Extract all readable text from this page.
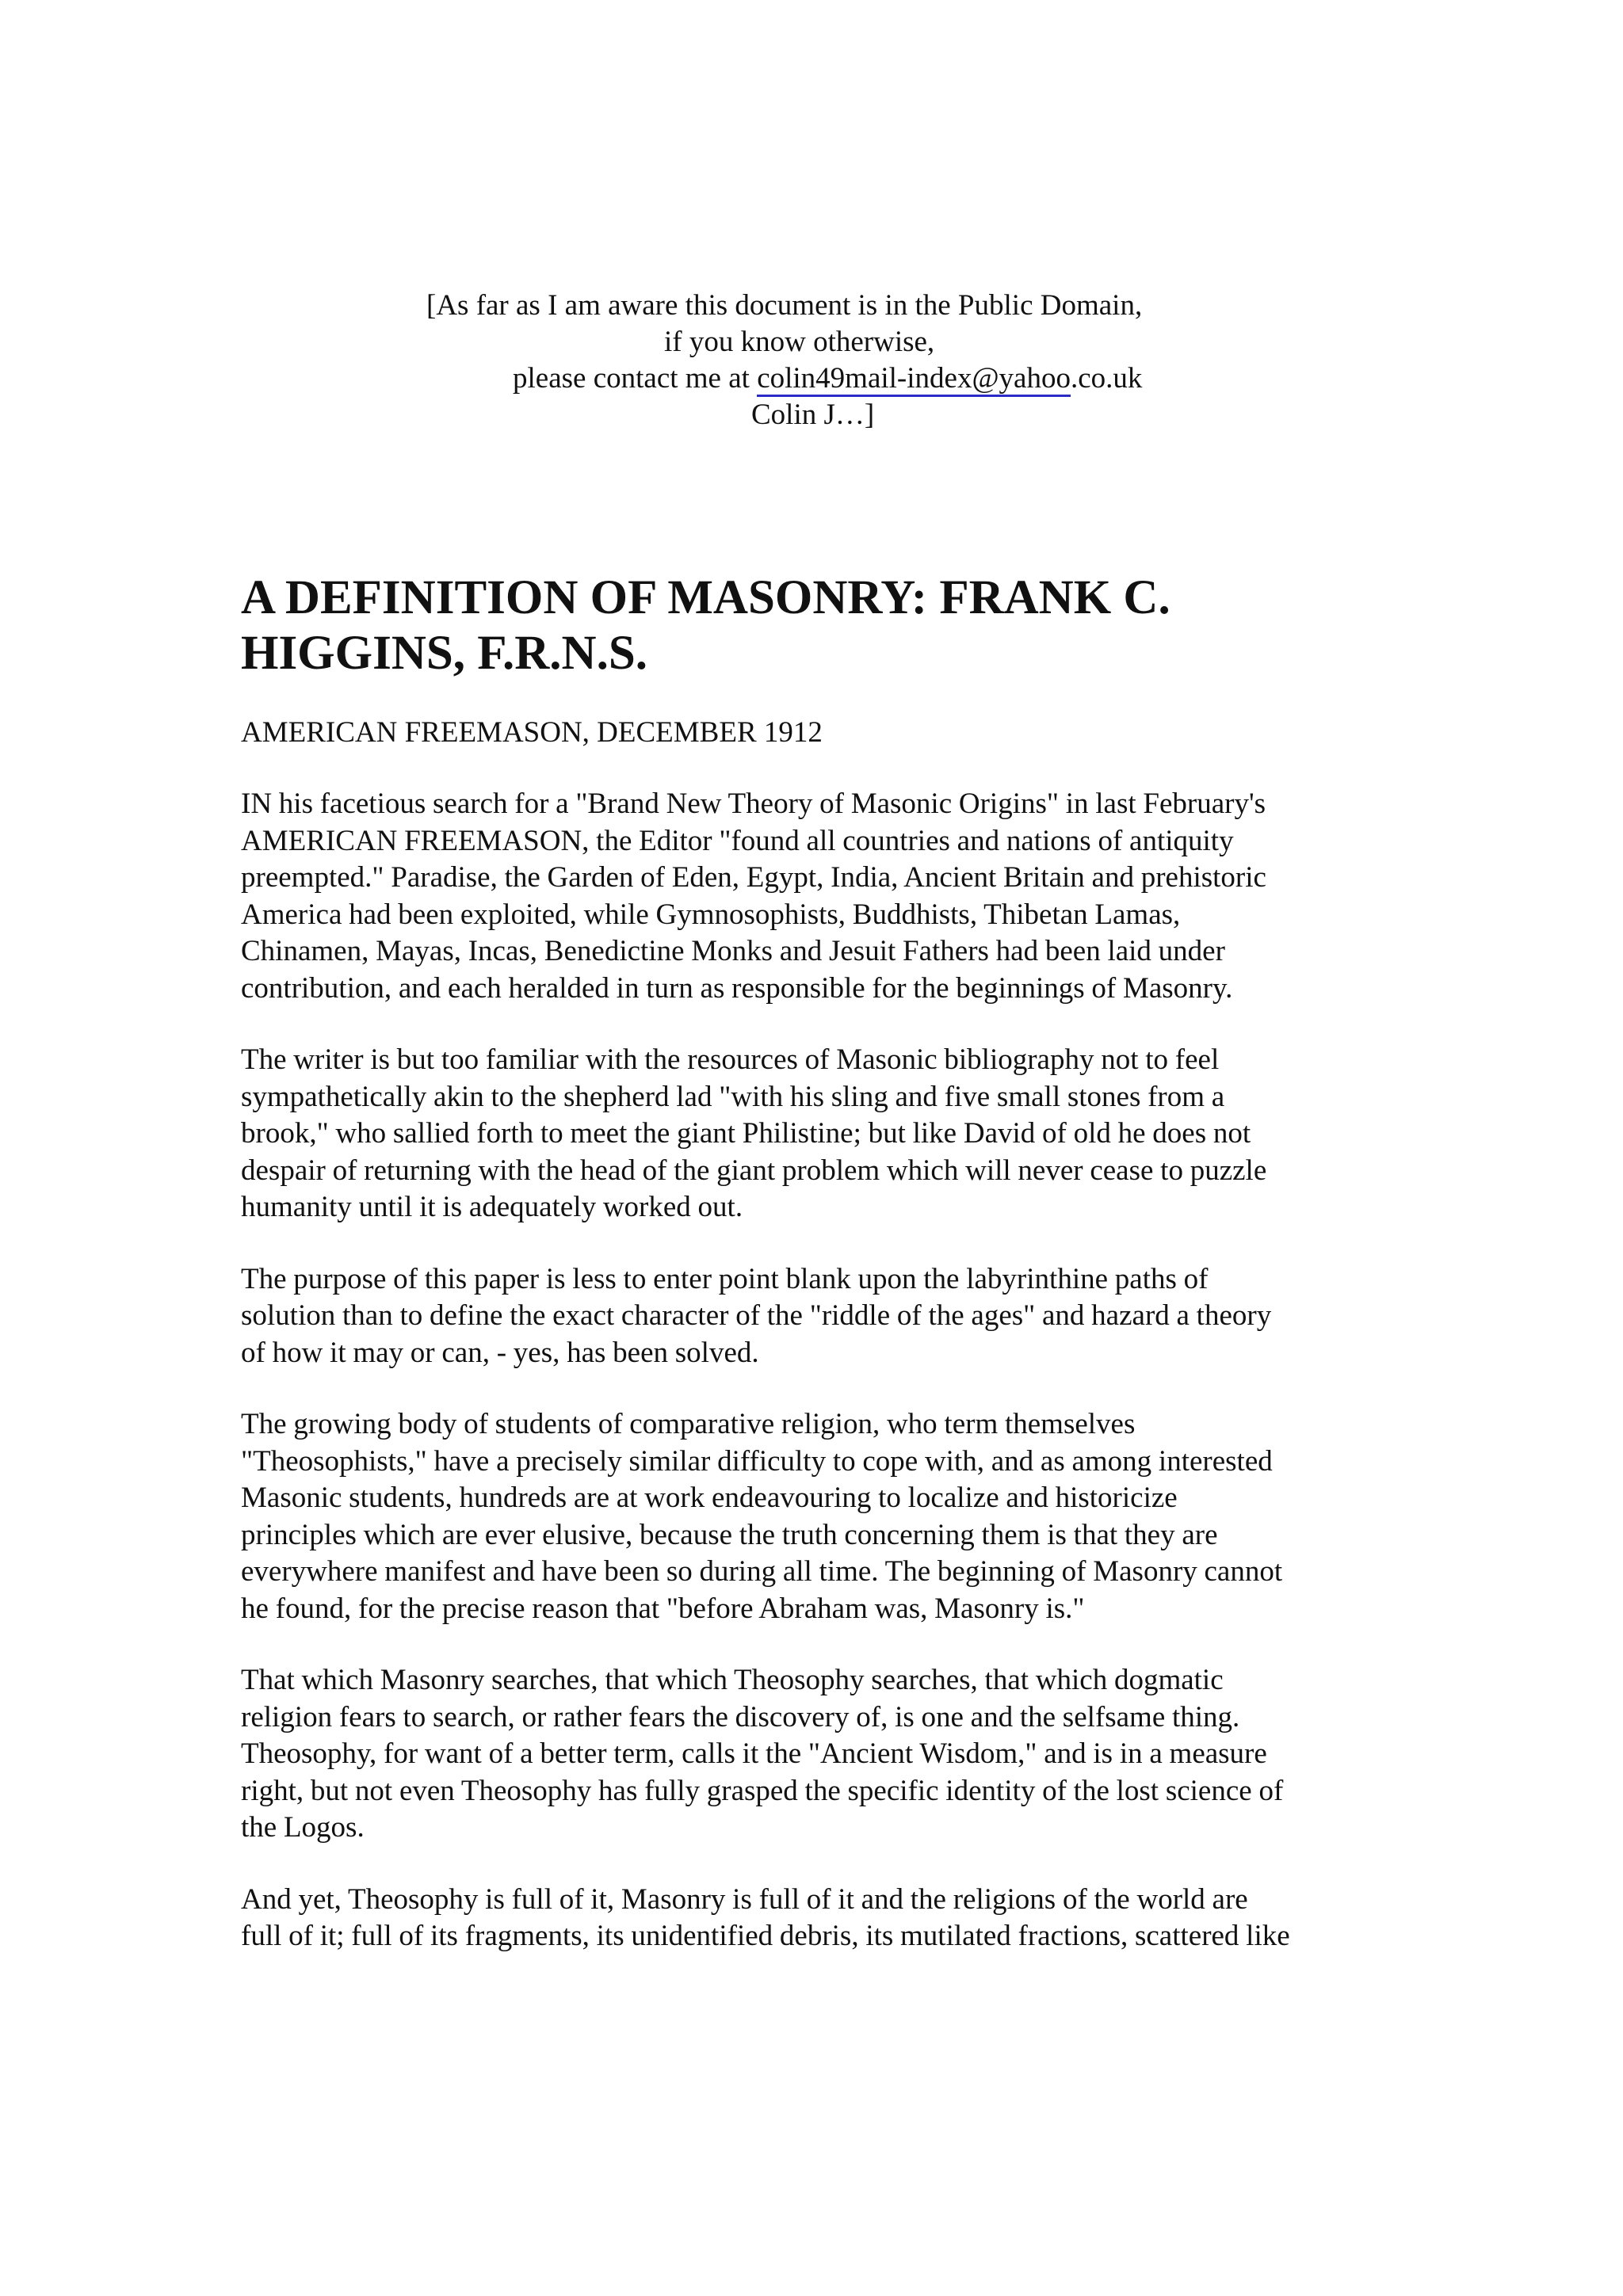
[As far as I am aware this document is in the Public Domain,
if you know otherwise,
please contact me at colin49mail-index@yahoo.co.uk
Colin J…]
A DEFINITION OF MASONRY: FRANK C.
HIGGINS, F.R.N.S.

AMERICAN FREEMASON, DECEMBER 1912

IN his facetious search for a "Brand New Theory of Masonic Origins" in last February's
AMERICAN FREEMASON, the Editor "found all countries and nations of antiquity
preempted." Paradise, the Garden of Eden, Egypt, India, Ancient Britain and prehistoric
America had been exploited, while Gymnosophists, Buddhists, Thibetan Lamas,
Chinamen, Mayas, Incas, Benedictine Monks and Jesuit Fathers had been laid under
contribution, and each heralded in turn as responsible for the beginnings of Masonry.

The writer is but too familiar with the resources of Masonic bibliography not to feel
sympathetically akin to the shepherd lad "with his sling and five small stones from a
brook," who sallied forth to meet the giant Philistine; but like David of old he does not
despair of returning with the head of the giant problem which will never cease to puzzle
humanity until it is adequately worked out.

The purpose of this paper is less to enter point blank upon the labyrinthine paths of
solution than to define the exact character of the "riddle of the ages" and hazard a theory
of how it may or can, - yes, has been solved.

The growing body of students of comparative religion, who term themselves
"Theosophists," have a precisely similar difficulty to cope with, and as among interested
Masonic students, hundreds are at work endeavouring to localize and historicize
principles which are ever elusive, because the truth concerning them is that they are
everywhere manifest and have been so during all time. The beginning of Masonry cannot
he found, for the precise reason that "before Abraham was, Masonry is."

That which Masonry searches, that which Theosophy searches, that which dogmatic
religion fears to search, or rather fears the discovery of, is one and the selfsame thing.
Theosophy, for want of a better term, calls it the "Ancient Wisdom," and is in a measure
right, but not even Theosophy has fully grasped the specific identity of the lost science of
the Logos.

And yet, Theosophy is full of it, Masonry is full of it and the religions of the world are
full of it; full of its fragments, its unidentified debris, its mutilated fractions, scattered like
